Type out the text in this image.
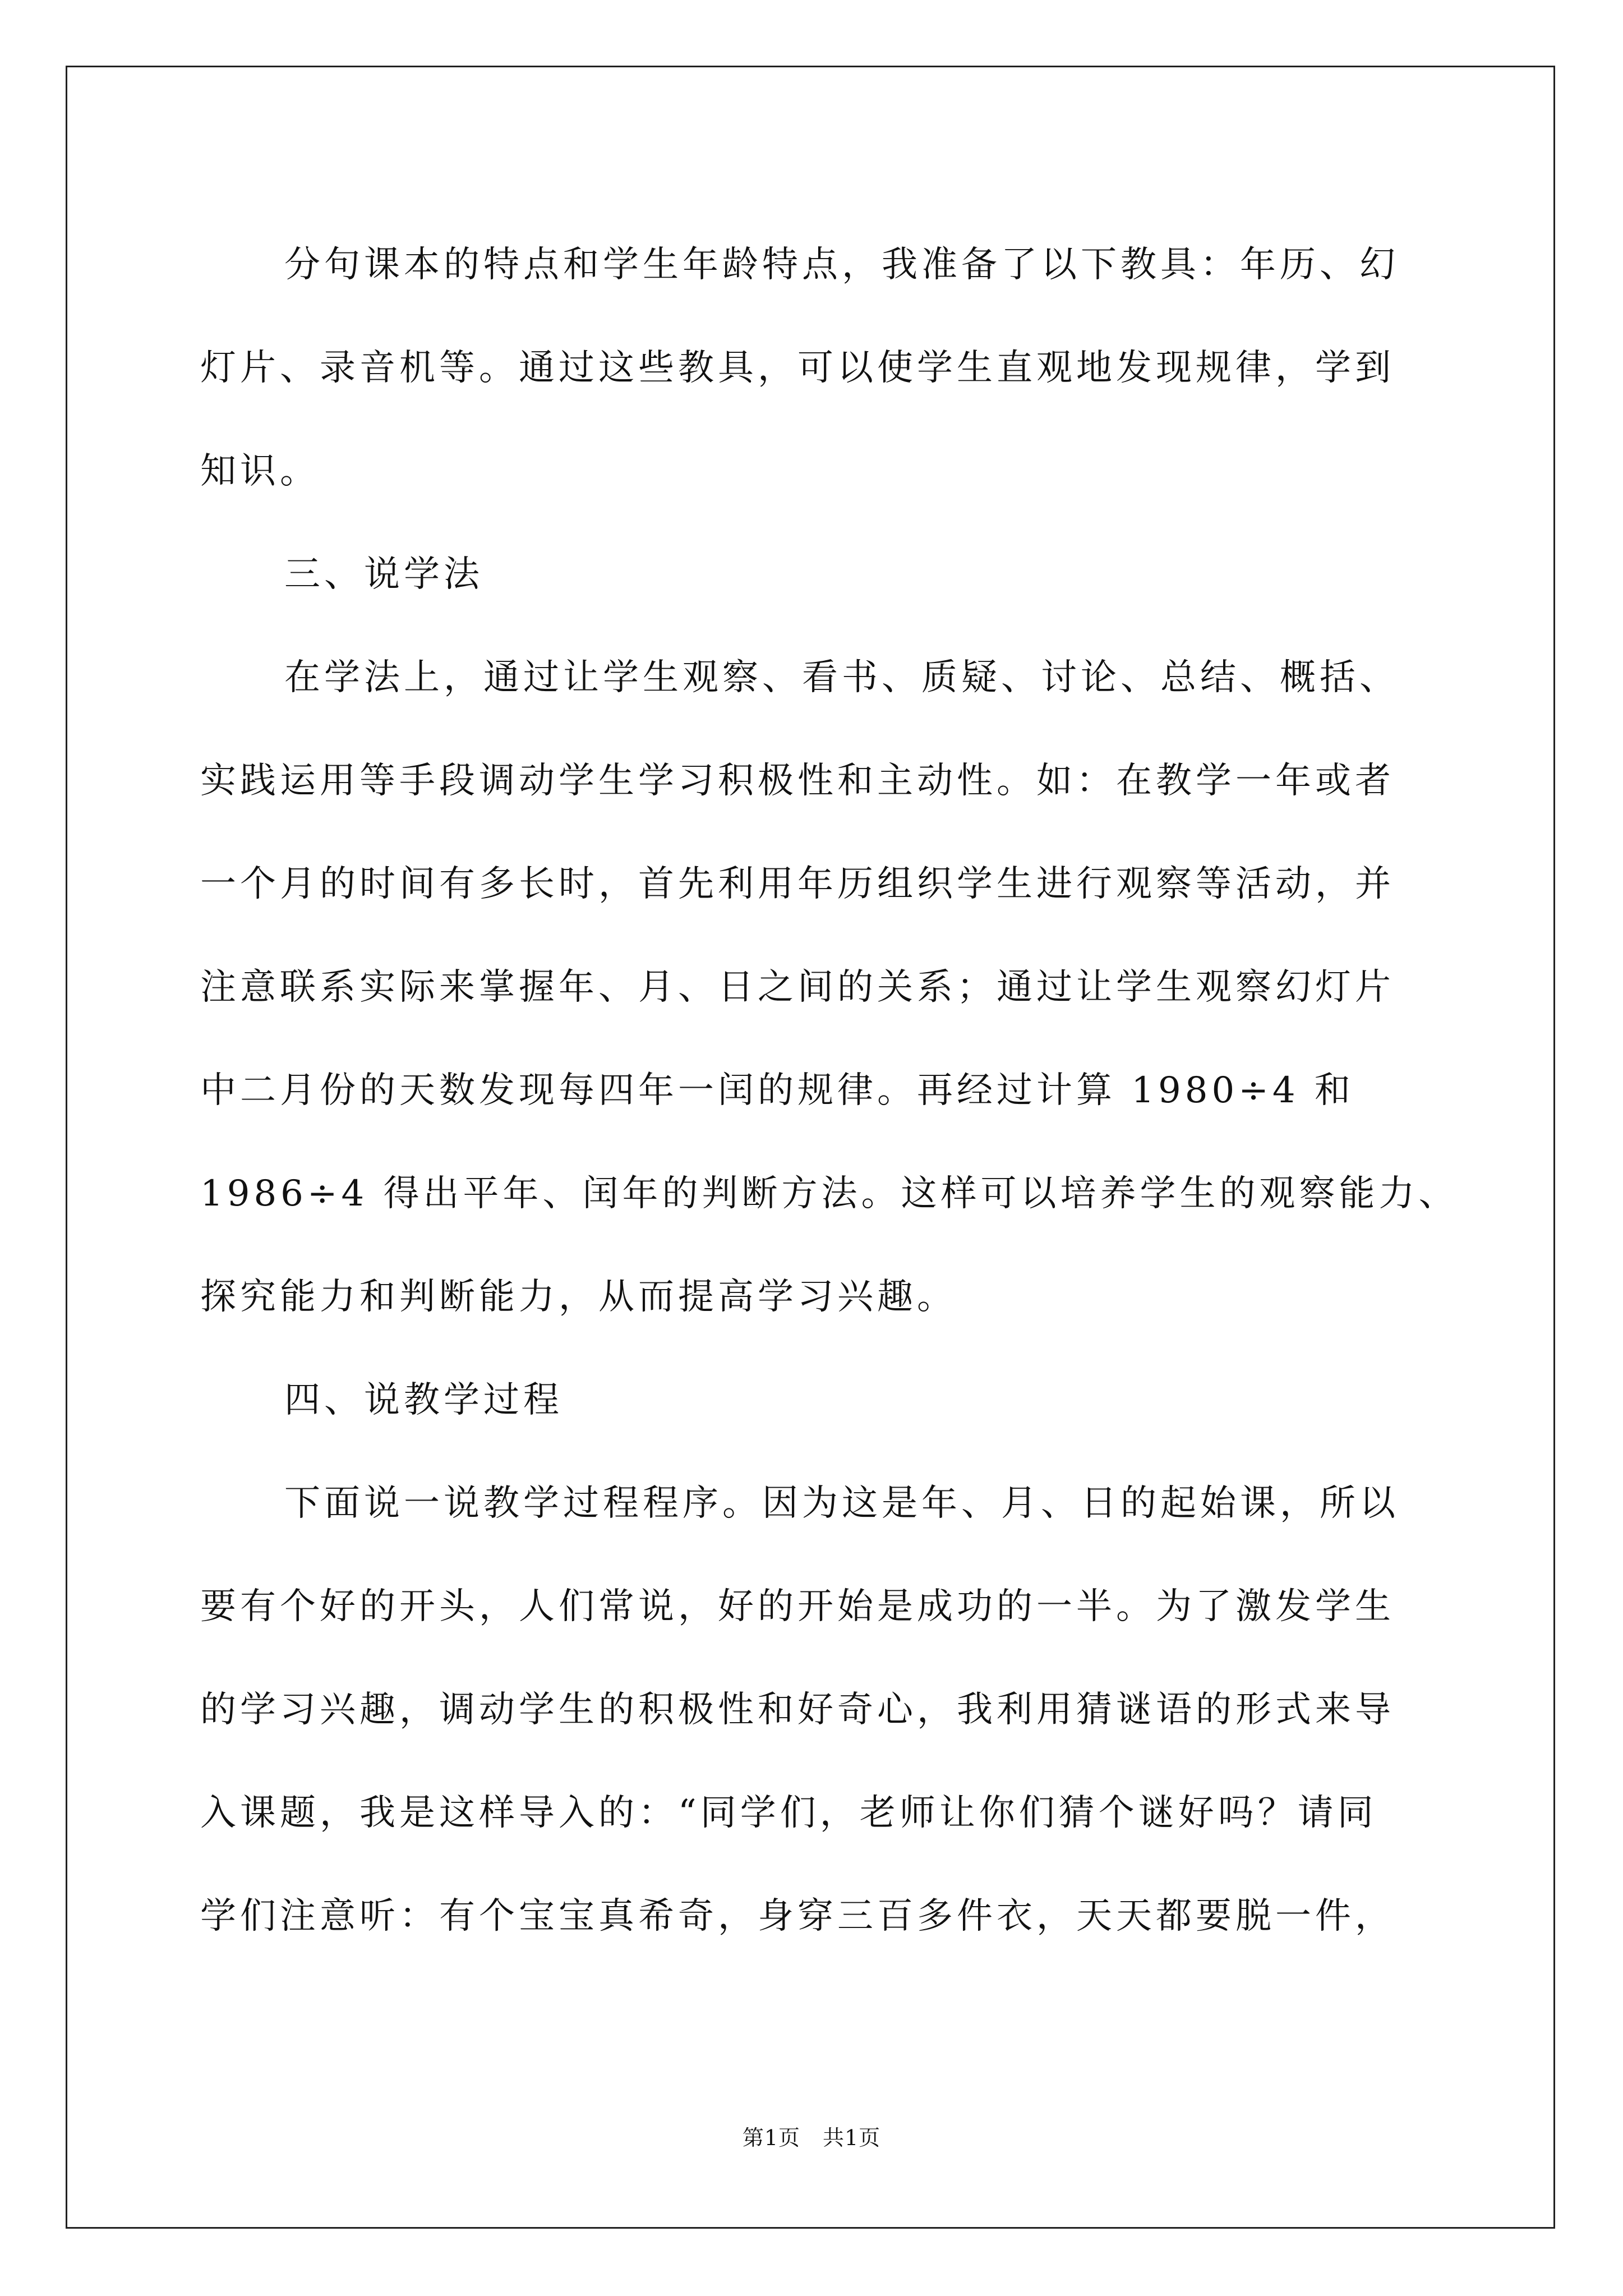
分句课本的特点和学生年龄特点，我准备了以下教具：年历、幻
灯片、录音机等。通过这些教具，可以使学生直观地发现规律，学到
知识。
三、说学法
在学法上，通过让学生观察、看书、质疑、讨论、总结、概括、
实践运用等手段调动学生学习积极性和主动性。如：在教学一年或者
一个月的时间有多长时，首先利用年历组织学生进行观察等活动，并
注意联系实际来掌握年、月、日之间的关系；通过让学生观察幻灯片
中二月份的天数发现每四年一闰的规律。再经过计算 1980÷4 和
1986÷4 得出平年、闰年的判断方法。这样可以培养学生的观察能力、
探究能力和判断能力，从而提高学习兴趣。
四、说教学过程
下面说一说教学过程程序。因为这是年、月、日的起始课，所以
要有个好的开头，人们常说，好的开始是成功的一半。为了激发学生
的学习兴趣，调动学生的积极性和好奇心，我利用猜谜语的形式来导
入课题，我是这样导入的：“同学们，老师让你们猜个谜好吗？请同
学们注意听：有个宝宝真希奇，身穿三百多件衣，天天都要脱一件，
第1页 共1页
